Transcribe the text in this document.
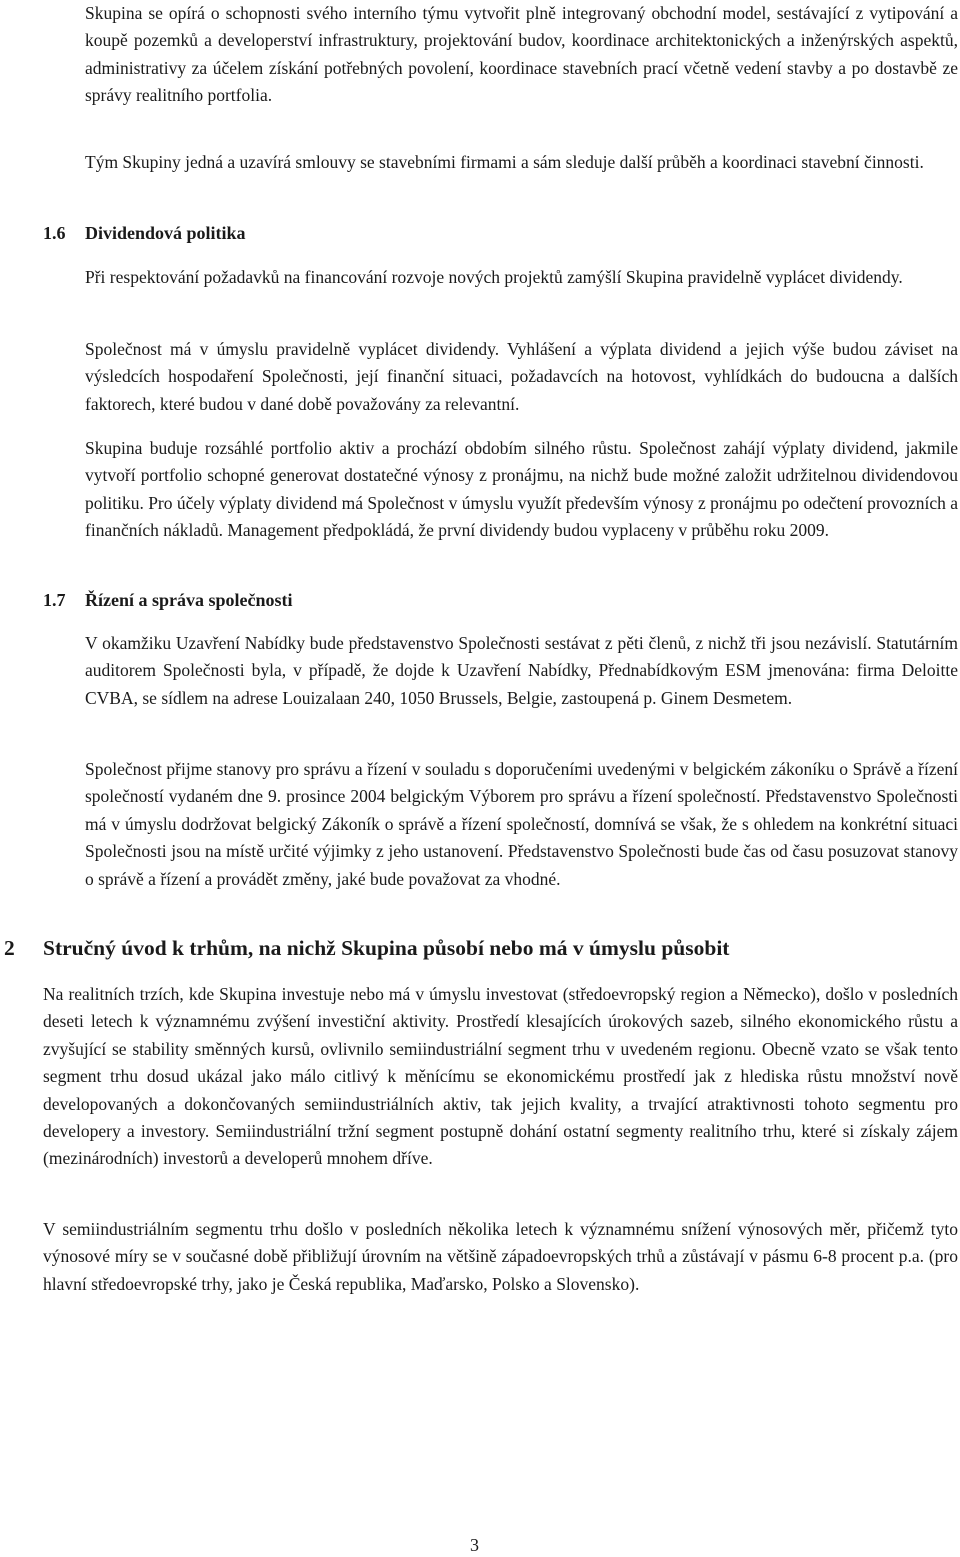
Skupina se opírá o schopnosti svého interního týmu vytvořit plně integrovaný obchodní model, sestávající z vytipování a koupě pozemků a developerství infrastruktury, projektování budov, koordinace architektonických a inženýrských aspektů, administrativy za účelem získání potřebných povolení, koordinace stavebních prací včetně vedení stavby a po dostavbě ze správy realitního portfolia.

Tým Skupiny jedná a uzavírá smlouvy se stavebními firmami a sám sleduje další průběh a koordinaci stavební činnosti.

1.6 Dividendová politika

Při respektování požadavků na financování rozvoje nových projektů zamýšlí Skupina pravidelně vyplácet dividendy.

Společnost má v úmyslu pravidelně vyplácet dividendy. Vyhlášení a výplata dividend a jejich výše budou záviset na výsledcích hospodaření Společnosti, její finanční situaci, požadavcích na hotovost, vyhlídkách do budoucna a dalších faktorech, které budou v dané době považovány za relevantní.

Skupina buduje rozsáhlé portfolio aktiv a prochází obdobím silného růstu. Společnost zahájí výplaty dividend, jakmile vytvoří portfolio schopné generovat dostatečné výnosy z pronájmu, na nichž bude možné založit udržitelnou dividendovou politiku. Pro účely výplaty dividend má Společnost v úmyslu využít především výnosy z pronájmu po odečtení provozních a finančních nákladů. Management předpokládá, že první dividendy budou vyplaceny v průběhu roku 2009.

1.7 Řízení a správa společnosti

V okamžiku Uzavření Nabídky bude představenstvo Společnosti sestávat z pěti členů, z nichž tři jsou nezávislí. Statutárním auditorem Společnosti byla, v případě, že dojde k Uzavření Nabídky, Přednabídkovým ESM jmenována: firma Deloitte CVBA, se sídlem na adrese Louizalaan 240, 1050 Brussels, Belgie, zastoupená p. Ginem Desmetem.

Společnost přijme stanovy pro správu a řízení v souladu s doporučeními uvedenými v belgickém zákoníku o Správě a řízení společností vydaném dne 9. prosince 2004 belgickým Výborem pro správu a řízení společností. Představenstvo Společnosti má v úmyslu dodržovat belgický Zákoník o správě a řízení společností, domnívá se však, že s ohledem na konkrétní situaci Společnosti jsou na místě určité výjimky z jeho ustanovení. Představenstvo Společnosti bude čas od času posuzovat stanovy o správě a řízení a provádět změny, jaké bude považovat za vhodné.

2 Stručný úvod k trhům, na nichž Skupina působí nebo má v úmyslu působit

Na realitních trzích, kde Skupina investuje nebo má v úmyslu investovat (středoevropský region a Německo), došlo v posledních deseti letech k významnému zvýšení investiční aktivity. Prostředí klesajících úrokových sazeb, silného ekonomického růstu a zvyšující se stability směnných kursů, ovlivnilo semiindustriální segment trhu v uvedeném regionu. Obecně vzato se však tento segment trhu dosud ukázal jako málo citlivý k měnícímu se ekonomickému prostředí jak z hlediska růstu množství nově developovaných a dokončovaných semiindustriálních aktiv, tak jejich kvality, a trvající atraktivnosti tohoto segmentu pro developery a investory. Semiindustriální tržní segment postupně dohání ostatní segmenty realitního trhu, které si získaly zájem (mezinárodních) investorů a developerů mnohem dříve.

V semiindustriálním segmentu trhu došlo v posledních několika letech k významnému snížení výnosových měr, přičemž tyto výnosové míry se v současné době přibližují úrovním na většině západoevropských trhů a zůstávají v pásmu 6-8 procent p.a. (pro hlavní středoevropské trhy, jako je Česká republika, Maďarsko, Polsko a Slovensko).

3
